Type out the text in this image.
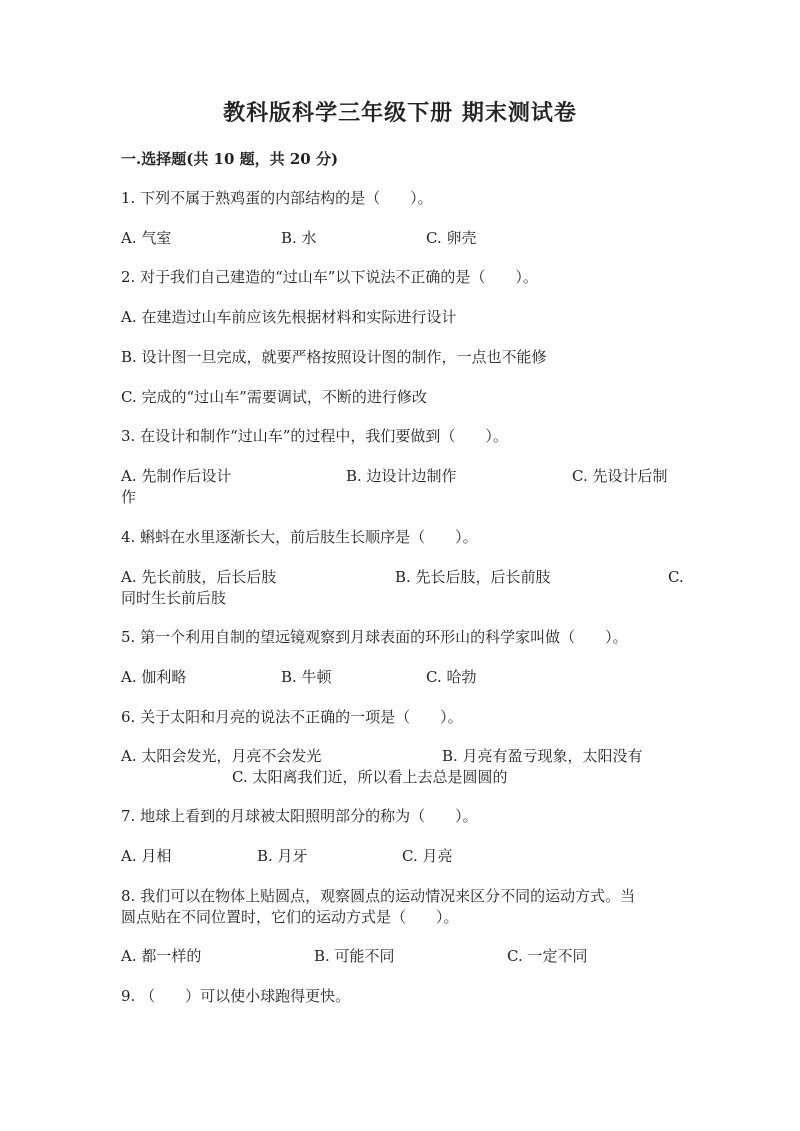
教科版科学三年级下册 期末测试卷
一.选择题(共 10 题，共 20 分)
1. 下列不属于熟鸡蛋的内部结构的是（　　）。
A. 气室	B. 水	C. 卵壳
2. 对于我们自己建造的“过山车”以下说法不正确的是（　　）。
A. 在建造过山车前应该先根据材料和实际进行设计
B. 设计图一旦完成，就要严格按照设计图的制作，一点也不能修
C. 完成的“过山车”需要调试，不断的进行修改
3. 在设计和制作“过山车”的过程中，我们要做到（　　）。
A. 先制作后设计	B. 边设计边制作	C. 先设计后制
作
4. 蝌蚪在水里逐渐长大，前后肢生长顺序是（　　）。
A. 先长前肢，后长后肢	B. 先长后肢，后长前肢	C.
同时生长前后肢
5. 第一个利用自制的望远镜观察到月球表面的环形山的科学家叫做（　　）。
A. 伽利略	B. 牛顿	C. 哈勃
6. 关于太阳和月亮的说法不正确的一项是（　　）。
A. 太阳会发光，月亮不会发光	B. 月亮有盈亏现象，太阳没有
C. 太阳离我们近，所以看上去总是圆圆的
7. 地球上看到的月球被太阳照明部分的称为（　　）。
A. 月相	B. 月牙	C. 月亮
8. 我们可以在物体上贴圆点，观察圆点的运动情况来区分不同的运动方式。当
圆点贴在不同位置时，它们的运动方式是（　　）。
A. 都一样的	B. 可能不同	C. 一定不同
9. （　　）可以使小球跑得更快。
